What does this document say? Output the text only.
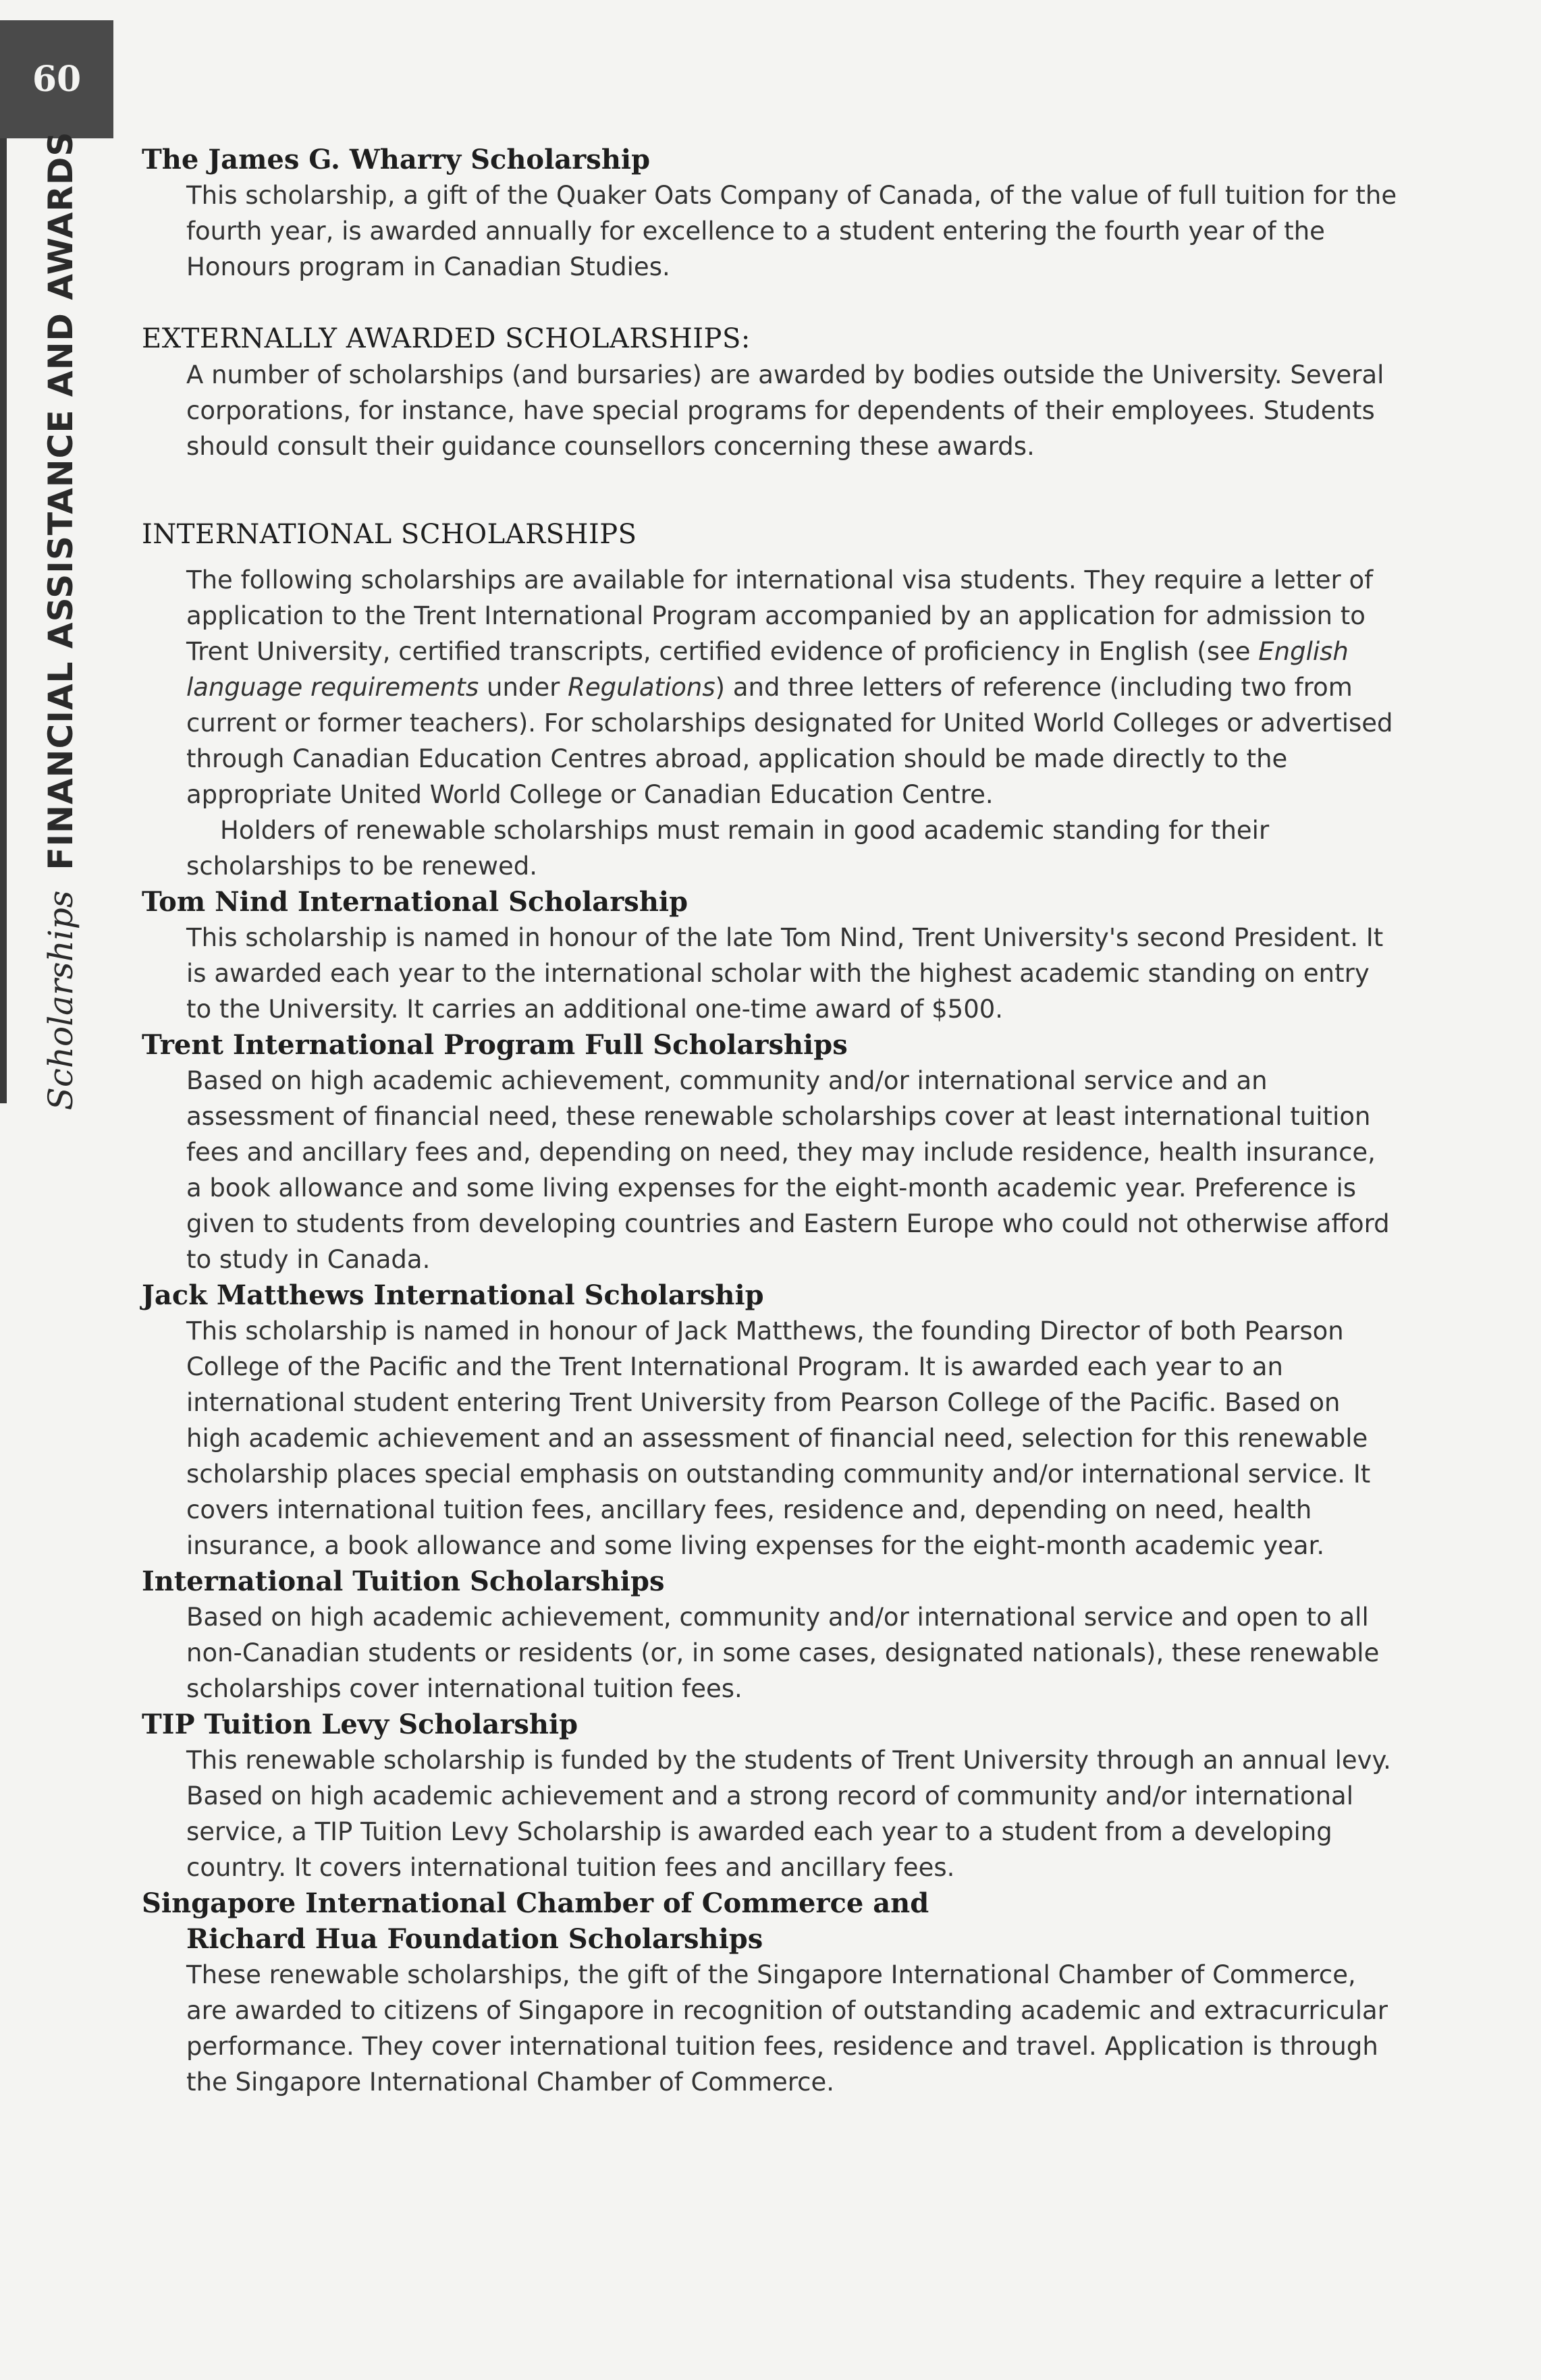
60
Scholarships
FINANCIAL ASSISTANCE AND AWARDS The James G. Wharry Scholarship

This scholarship, a gift of the Quaker Oats Company of Canada, of the value of full tuition for the fourth year, is awarded annually for excellence to a student entering the fourth year of the Honours program in Canadian Studies.

EXTERNALLY AWARDED SCHOLARSHIPS:

A number of scholarships (and bursaries) are awarded by bodies outside the University. Several corporations, for instance, have special programs for dependents of their employees. Students should consult their guidance counsellors concerning these awards.

INTERNATIONAL SCHOLARSHIPS

The following scholarships are available for international visa students. They require a letter of application to the Trent International Program accompanied by an application for admission to Trent University, certified transcripts, certified evidence of proficiency in English (see English language requirements under Regulations) and three letters of reference (including two from current or former teachers). For scholarships designated for United World Colleges or advertised through Canadian Education Centres abroad, application should be made directly to the appropriate United World College or Canadian Education Centre.

Holders of renewable scholarships must remain in good academic standing for their scholarships to be renewed.

Tom Nind International Scholarship

This scholarship is named in honour of the late Tom Nind, Trent University's second President. It is awarded each year to the international scholar with the highest academic standing on entry to the University. It carries an additional one-time award of $500.

Trent International Program Full Scholarships

Based on high academic achievement, community and/or international service and an assessment of financial need, these renewable scholarships cover at least international tuition fees and ancillary fees and, depending on need, they may include residence, health insurance, a book allowance and some living expenses for the eight-month academic year. Preference is given to students from developing countries and Eastern Europe who could not otherwise afford to study in Canada.

Jack Matthews International Scholarship

This scholarship is named in honour of Jack Matthews, the founding Director of both Pearson College of the Pacific and the Trent International Program. It is awarded each year to an international student entering Trent University from Pearson College of the Pacific. Based on high academic achievement and an assessment of financial need, selection for this renewable scholarship places special emphasis on outstanding community and/or international service. It covers international tuition fees, ancillary fees, residence and, depending on need, health insurance, a book allowance and some living expenses for the eight-month academic year.

International Tuition Scholarships

Based on high academic achievement, community and/or international service and open to all non-Canadian students or residents (or, in some cases, designated nationals), these renewable scholarships cover international tuition fees.

TIP Tuition Levy Scholarship

This renewable scholarship is funded by the students of Trent University through an annual levy. Based on high academic achievement and a strong record of community and/or international service, a TIP Tuition Levy Scholarship is awarded each year to a student from a developing country. It covers international tuition fees and ancillary fees.

Singapore International Chamber of Commerce and

Richard Hua Foundation Scholarships

These renewable scholarships, the gift of the Singapore International Chamber of Commerce, are awarded to citizens of Singapore in recognition of outstanding academic and extracurricular performance. They cover international tuition fees, residence and travel. Application is through the Singapore International Chamber of Commerce.
